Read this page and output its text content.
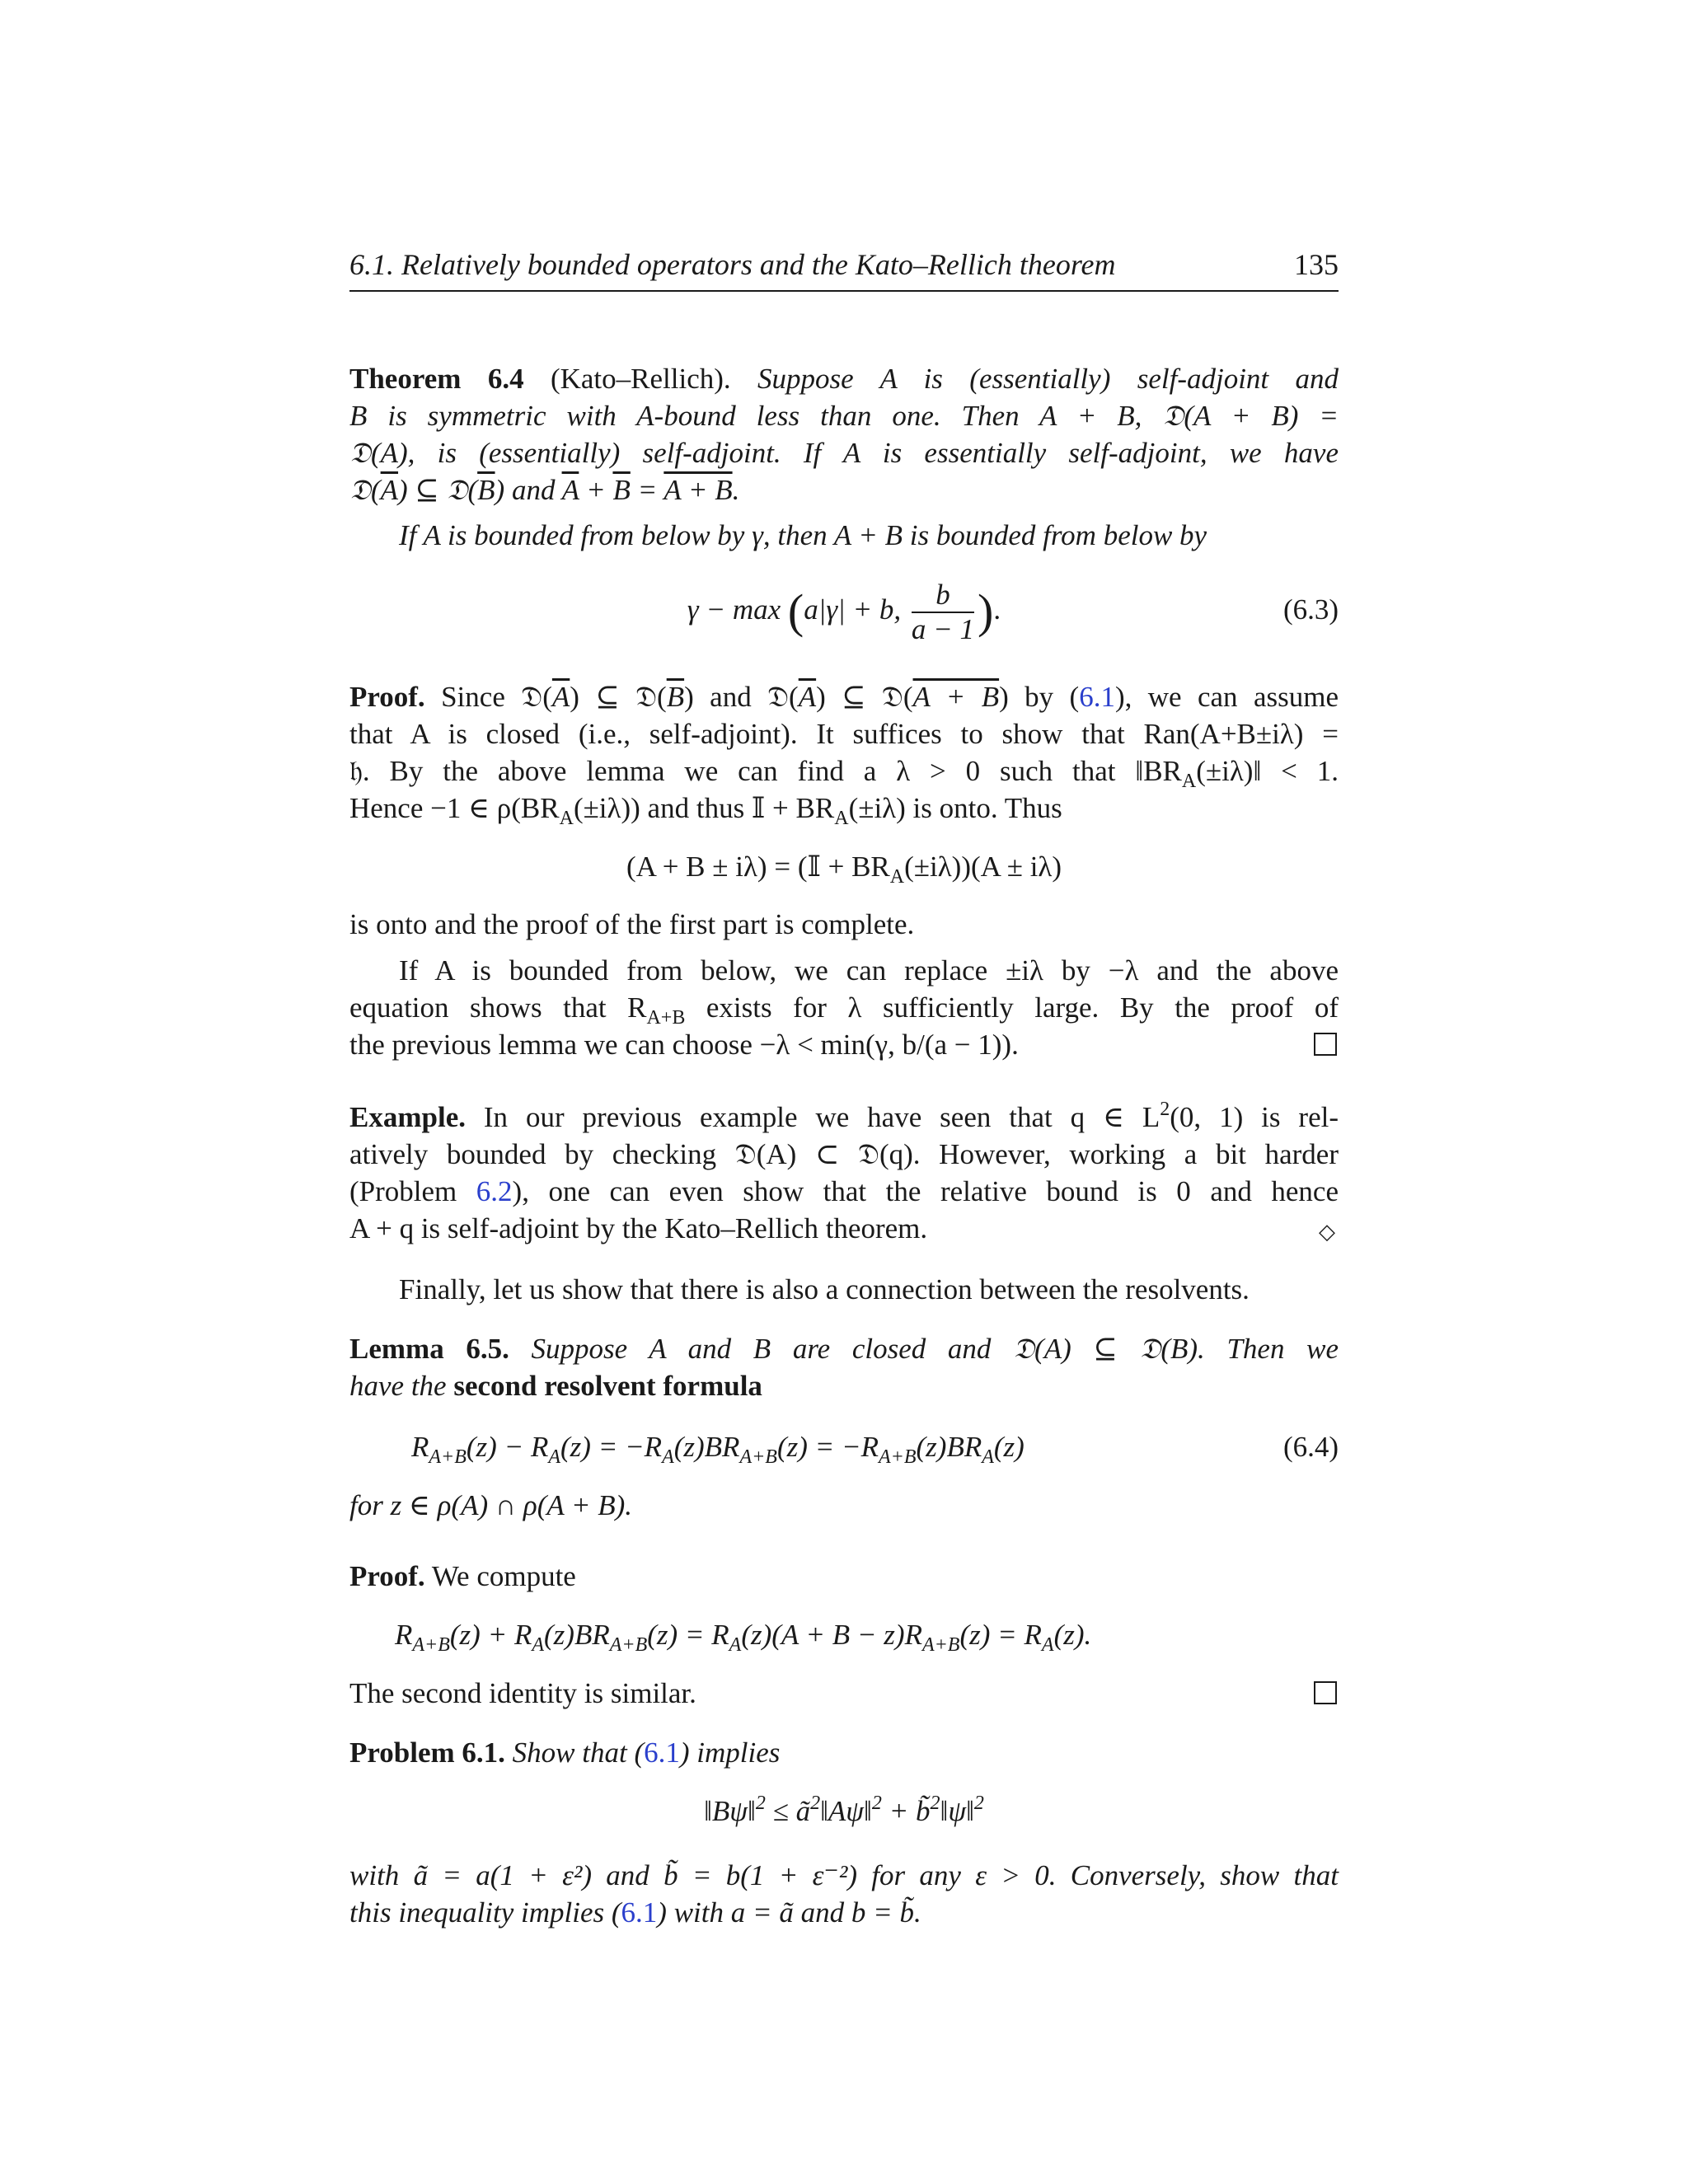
6.1. Relatively bounded operators and the Kato–Rellich theorem	135
Theorem 6.4 (Kato–Rellich). Suppose A is (essentially) self-adjoint and
B is symmetric with A-bound less than one. Then A + B, 𝔇(A + B) =
𝔇(A), is (essentially) self-adjoint. If A is essentially self-adjoint, we have
$𝔇(\overline{A})$ ⊆ $𝔇(\overline{B})$ and $\overline{A} + \overline{B} = A + B$.
If A is bounded from below by γ, then A + B is bounded from below by
γ − max (a|γ| + b, $\frac{b}{a - 1}$ ).	(6.3)
Proof. Since $𝔇(\overline{A})$ ⊆ $𝔇(\overline{B})$ and $𝔇(\overline{A})$ ⊆ 𝔇(A + B) by (6.1), we can assume
that A is closed (i.e., self-adjoint). It suffices to show that Ran(A+B±iλ) =
𝔥. By the above lemma we can find a λ > 0 such that $‖BR_A(\pm i\lambda)‖ < 1$.
Hence −1 ∈ $\rho(BR_A(\pm i\lambda))$ and thus 𝕀 + $BR_A(\pm i\lambda)$ is onto. Thus
(A + B ± iλ) = (𝕀 + $BR_A(\pm i\lambda))(A \pm i\lambda)$
is onto and the proof of the first part is complete.
If A is bounded from below, we can replace ±iλ by −λ and the above
equation shows that $R_{A+B}$ exists for λ sufficiently large. By the proof of
the previous lemma we can choose −λ < min(γ, b/(a − 1)).
Example. In our previous example we have seen that q ∈ $L^2(0$, 1) is rel-
atively bounded by checking 𝔇(A) ⊂ 𝔇(q). However, working a bit harder
(Problem 6.2), one can even show that the relative bound is 0 and hence
A + q is self-adjoint by the Kato–Rellich theorem.	◇
Finally, let us show that there is also a connection between the resolvents.
Lemma 6.5. Suppose A and B are closed and 𝔇(A) ⊆ 𝔇(B). Then we
have the second resolvent formula
$R_{A+B}(z) - R_A(z) = -R_A(z)BR_{A+B}(z) = -R_{A+B}(z)BR_A(z)$	(6.4)
for z ∈ ρ(A) ∩ ρ(A + B).
Proof. We compute
$R_{A+B}(z) + R_A(z)BR_{A+B}(z) = R_A(z)(A + B - z)R_{A+B}(z) = R_A(z)$.
The second identity is similar.
Problem 6.1. Show that (6.1) implies
‖Bψ‖$^2$ ≤ $ã^2‖A\psi‖^2$ + b̃$^2$‖ψ‖$^2$
with ã = a(1 + ε²) and b̃ = b(1 + ε⁻²) for any ε > 0. Conversely, show that
this inequality implies (6.1) with a = ã and b = b̃.
